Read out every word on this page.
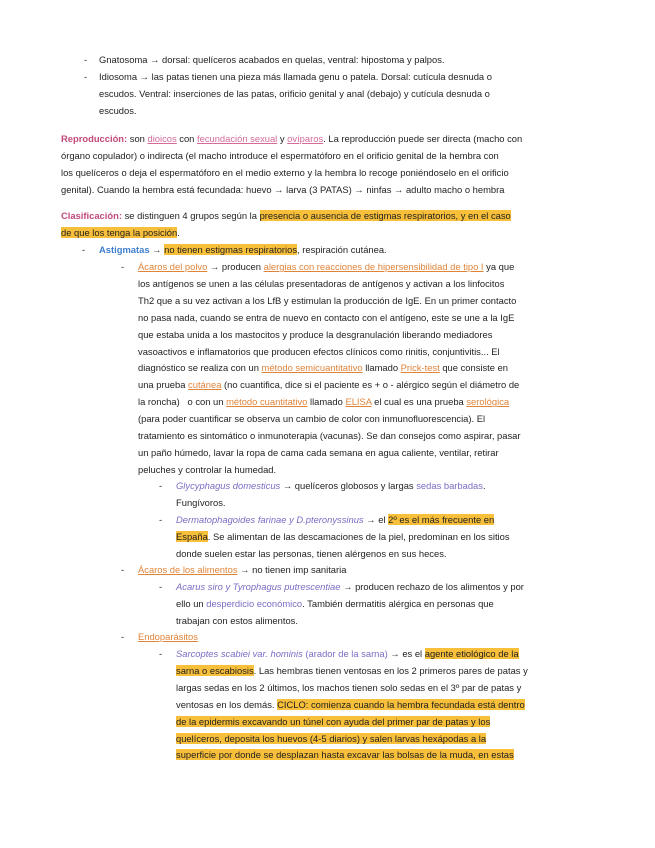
- Gnatosoma → dorsal: quelíceros acabados en quelas, ventral: hipostoma y palpos.
- Idiosoma → las patas tienen una pieza más llamada genu o patela. Dorsal: cutícula desnuda o
escudos. Ventral: inserciones de las patas, orificio genital y anal (debajo) y cutícula desnuda o
escudos.
Reproducción: son dioicos con fecundación sexual y ovíparos. La reproducción puede ser directa (macho con
órgano copulador) o indirecta (el macho introduce el espermatóforo en el orificio genital de la hembra con
los quelíceros o deja el espermatóforo en el medio externo y la hembra lo recoge poniéndoselo en el orificio
genital). Cuando la hembra está fecundada: huevo → larva (3 PATAS) → ninfas → adulto macho o hembra
Clasificación: se distinguen 4 grupos según la presencia o ausencia de estigmas respiratorios, y en el caso
de que los tenga la posición.
- Astigmatas → no tienen estigmas respiratorios, respiración cutánea.
- Ácaros del polvo → producen alergias con reacciones de hipersensibilidad de tipo I ya que
los antígenos se unen a las células presentadoras de antígenos y activan a los linfocitos
Th2 que a su vez activan a los LfB y estimulan la producción de IgE. En un primer contacto
no pasa nada, cuando se entra de nuevo en contacto con el antígeno, este se une a la IgE
que estaba unida a los mastocitos y produce la desgranulación liberando mediadores
vasoactivos e inflamatorios que producen efectos clínicos como rinitis, conjuntivitis... El
diagnóstico se realiza con un método semicuantitativo llamado Prick-test que consiste en
una prueba cutánea (no cuantifica, dice si el paciente es + o - alérgico según el diámetro de
la roncha)   o con un método cuantitativo llamado ELISA el cual es una prueba serológica
(para poder cuantificar se observa un cambio de color con inmunofluorescencia). El
tratamiento es sintomático o inmunoterapia (vacunas). Se dan consejos como aspirar, pasar
un paño húmedo, lavar la ropa de cama cada semana en agua caliente, ventilar, retirar
peluches y controlar la humedad.
- Glycyphagus domesticus → quelíceros globosos y largas sedas barbadas.
Fungívoros.
- Dermatophagoides farinae y D.pteronyssinus → el 2º es el más frecuente en
España. Se alimentan de las descamaciones de la piel, predominan en los sitios
donde suelen estar las personas, tienen alérgenos en sus heces.
- Ácaros de los alimentos → no tienen imp sanitaria
- Acarus siro y Tyrophagus putrescentiae → producen rechazo de los alimentos y por
ello un desperdicio económico. También dermatitis alérgica en personas que
trabajan con estos alimentos.
- Endoparásitos
- Sarcoptes scabiei var. hominis (arador de la sarna) → es el agente etiológico de la
sarna o escabiosis. Las hembras tienen ventosas en los 2 primeros pares de patas y
largas sedas en los 2 últimos, los machos tienen solo sedas en el 3º par de patas y
ventosas en los demás. CICLO: comienza cuando la hembra fecundada está dentro
de la epidermis excavando un túnel con ayuda del primer par de patas y los
quelíceros, deposita los huevos (4-5 diarios) y salen larvas hexápodas a la
superficie por donde se desplazan hasta excavar las bolsas de la muda, en estas
